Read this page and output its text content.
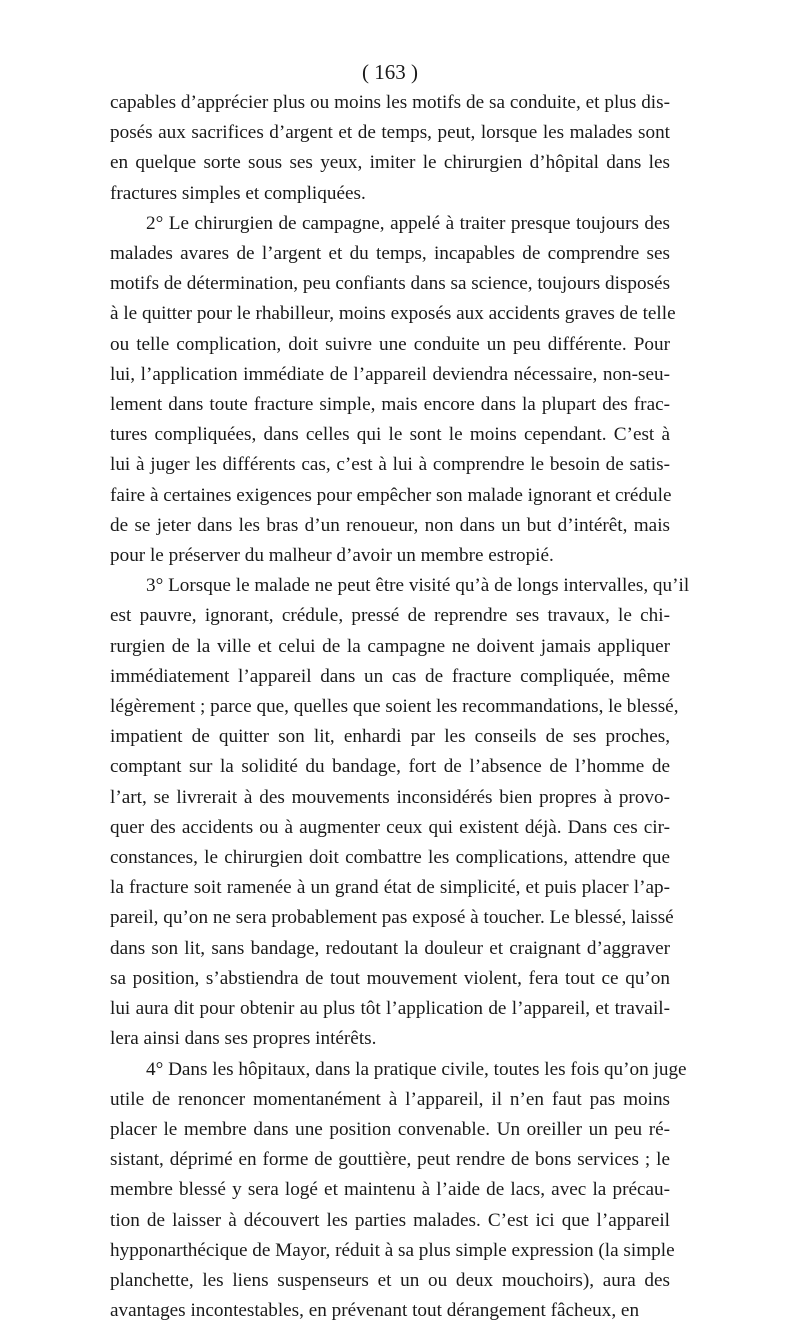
( 163 )
capables d’apprécier plus ou moins les motifs de sa conduite, et plus dis-
posés aux sacrifices d’argent et de temps, peut, lorsque les malades sont
en quelque sorte sous ses yeux, imiter le chirurgien d’hôpital dans les
fractures simples et compliquées.
2° Le chirurgien de campagne, appelé à traiter presque toujours des
malades avares de l’argent et du temps, incapables de comprendre ses
motifs de détermination, peu confiants dans sa science, toujours disposés
à le quitter pour le rhabilleur, moins exposés aux accidents graves de telle
ou telle complication, doit suivre une conduite un peu différente. Pour
lui, l’application immédiate de l’appareil deviendra nécessaire, non-seu-
lement dans toute fracture simple, mais encore dans la plupart des frac-
tures compliquées, dans celles qui le sont le moins cependant. C’est à
lui à juger les différents cas, c’est à lui à comprendre le besoin de satis-
faire à certaines exigences pour empêcher son malade ignorant et crédule
de se jeter dans les bras d’un renoueur, non dans un but d’intérêt, mais
pour le préserver du malheur d’avoir un membre estropié.
3° Lorsque le malade ne peut être visité qu’à de longs intervalles, qu’il
est pauvre, ignorant, crédule, pressé de reprendre ses travaux, le chi-
rurgien de la ville et celui de la campagne ne doivent jamais appliquer
immédiatement l’appareil dans un cas de fracture compliquée, même
légèrement ; parce que, quelles que soient les recommandations, le blessé,
impatient de quitter son lit, enhardi par les conseils de ses proches,
comptant sur la solidité du bandage, fort de l’absence de l’homme de
l’art, se livrerait à des mouvements inconsidérés bien propres à provo-
quer des accidents ou à augmenter ceux qui existent déjà. Dans ces cir-
constances, le chirurgien doit combattre les complications, attendre que
la fracture soit ramenée à un grand état de simplicité, et puis placer l’ap-
pareil, qu’on ne sera probablement pas exposé à toucher. Le blessé, laissé
dans son lit, sans bandage, redoutant la douleur et craignant d’aggraver
sa position, s’abstiendra de tout mouvement violent, fera tout ce qu’on
lui aura dit pour obtenir au plus tôt l’application de l’appareil, et travail-
lera ainsi dans ses propres intérêts.
4° Dans les hôpitaux, dans la pratique civile, toutes les fois qu’on juge
utile de renoncer momentanément à l’appareil, il n’en faut pas moins
placer le membre dans une position convenable. Un oreiller un peu ré-
sistant, déprimé en forme de gouttière, peut rendre de bons services ; le
membre blessé y sera logé et maintenu à l’aide de lacs, avec la précau-
tion de laisser à découvert les parties malades. C’est ici que l’appareil
hypponarthécique de Mayor, réduit à sa plus simple expression (la simple
planchette, les liens suspenseurs et un ou deux mouchoirs), aura des
avantages incontestables, en prévenant tout dérangement fâcheux, en
